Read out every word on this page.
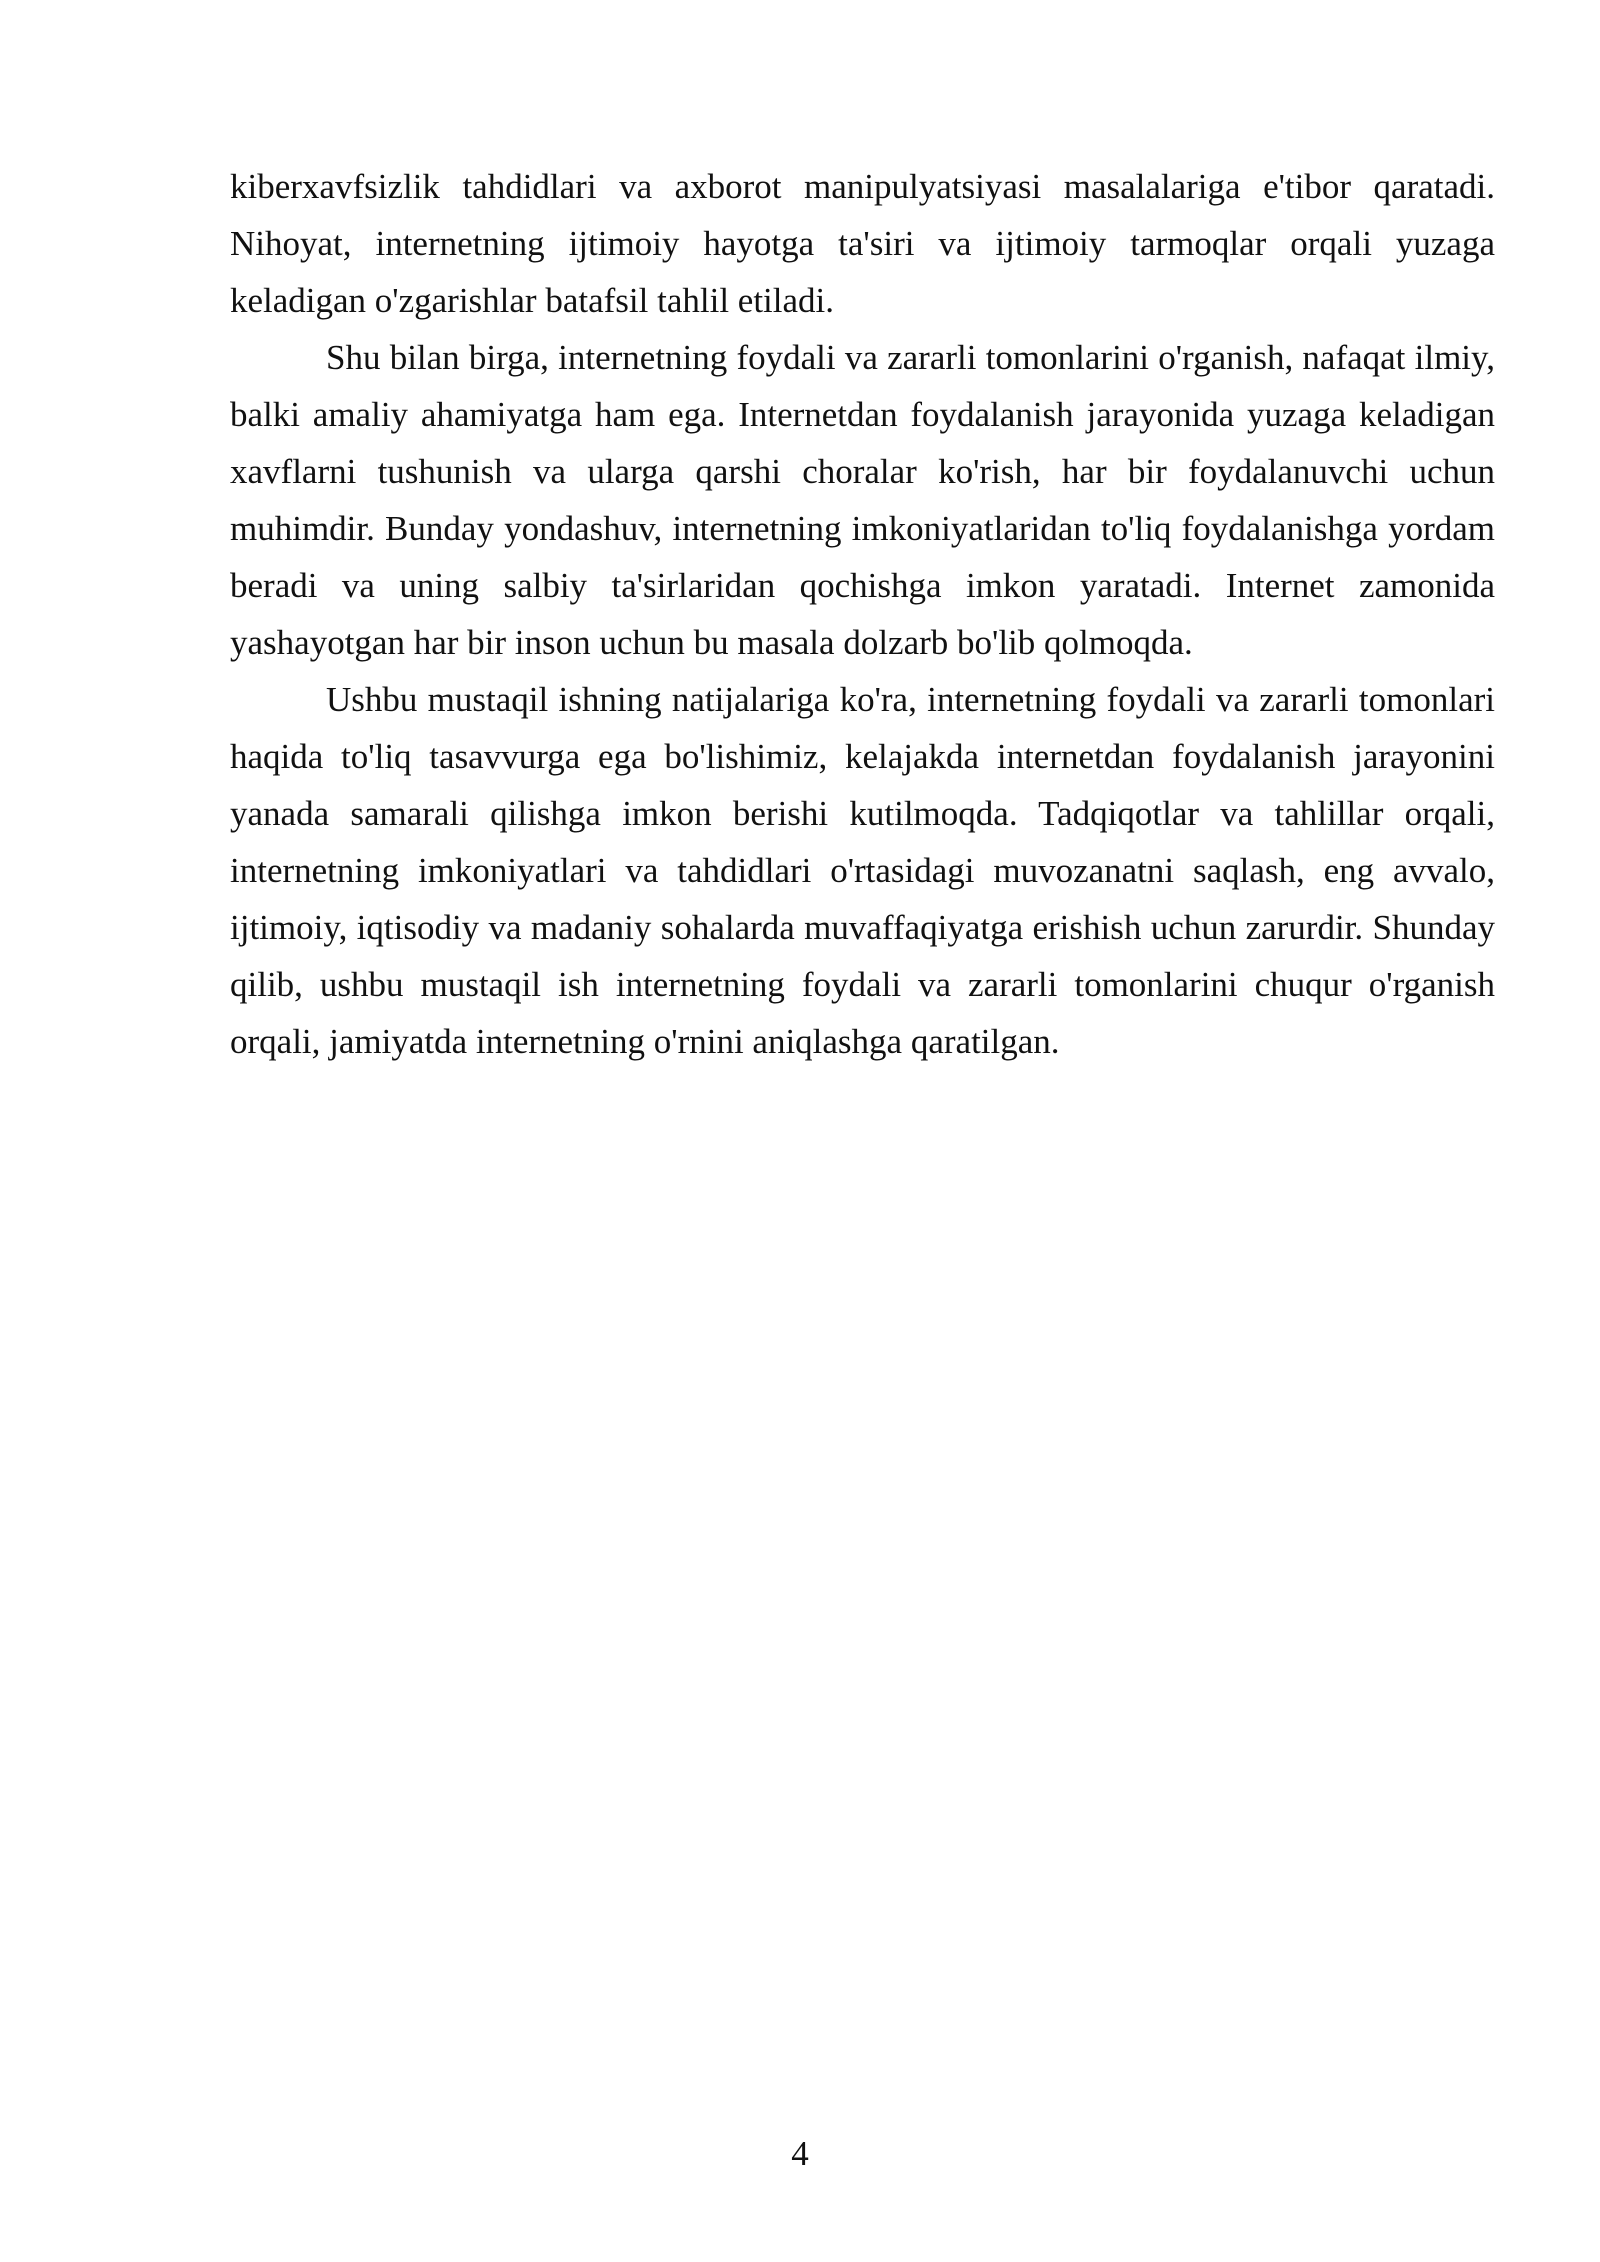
kiberxavfsizlik tahdidlari va axborot manipulyatsiyasi masalalariga e'tibor qaratadi. Nihoyat, internetning ijtimoiy hayotga ta'siri va ijtimoiy tarmoqlar orqali yuzaga keladigan o'zgarishlar batafsil tahlil etiladi.

Shu bilan birga, internetning foydali va zararli tomonlarini o'rganish, nafaqat ilmiy, balki amaliy ahamiyatga ham ega. Internetdan foydalanish jarayonida yuzaga keladigan xavflarni tushunish va ularga qarshi choralar ko'rish, har bir foydalanuvchi uchun muhimdir. Bunday yondashuv, internetning imkoniyatlaridan to'liq foydalanishga yordam beradi va uning salbiy ta'sirlaridan qochishga imkon yaratadi. Internet zamonida yashayotgan har bir inson uchun bu masala dolzarb bo'lib qolmoqda.

Ushbu mustaqil ishning natijalariga ko'ra, internetning foydali va zararli tomonlari haqida to'liq tasavvurga ega bo'lishimiz, kelajakda internetdan foydalanish jarayonini yanada samarali qilishga imkon berishi kutilmoqda. Tadqiqotlar va tahlillar orqali, internetning imkoniyatlari va tahdidlari o'rtasidagi muvozanatni saqlash, eng avvalo, ijtimoiy, iqtisodiy va madaniy sohalarda muvaffaqiyatga erishish uchun zarurdir. Shunday qilib, ushbu mustaqil ish internetning foydali va zararli tomonlarini chuqur o'rganish orqali, jamiyatda internetning o'rnini aniqlashga qaratilgan.

4
